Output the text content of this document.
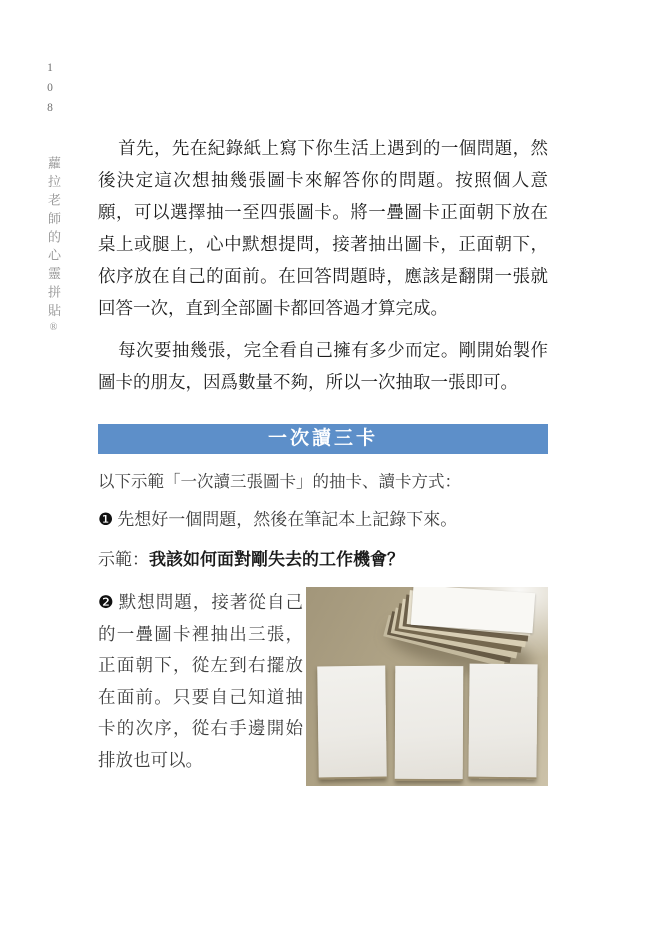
108
蘿拉老師的心靈拼貼®

首先，先在紀錄紙上寫下你生活上遇到的一個問題，然後決定這次想抽幾張圖卡來解答你的問題。按照個人意願，可以選擇抽一至四張圖卡。將一疊圖卡正面朝下放在桌上或腿上，心中默想提問，接著抽出圖卡，正面朝下，依序放在自己的面前。在回答問題時，應該是翻開一張就回答一次，直到全部圖卡都回答過才算完成。

每次要抽幾張，完全看自己擁有多少而定。剛開始製作圖卡的朋友，因爲數量不夠，所以一次抽取一張即可。

一次讀三卡

以下示範「一次讀三張圖卡」的抽卡、讀卡方式：

❶ 先想好一個問題，然後在筆記本上記錄下來。

示範：我該如何面對剛失去的工作機會？

❷ 默想問題，接著從自己的一疊圖卡裡抽出三張，正面朝下，從左到右擺放在面前。只要自己知道抽卡的次序，從右手邊開始排放也可以。
